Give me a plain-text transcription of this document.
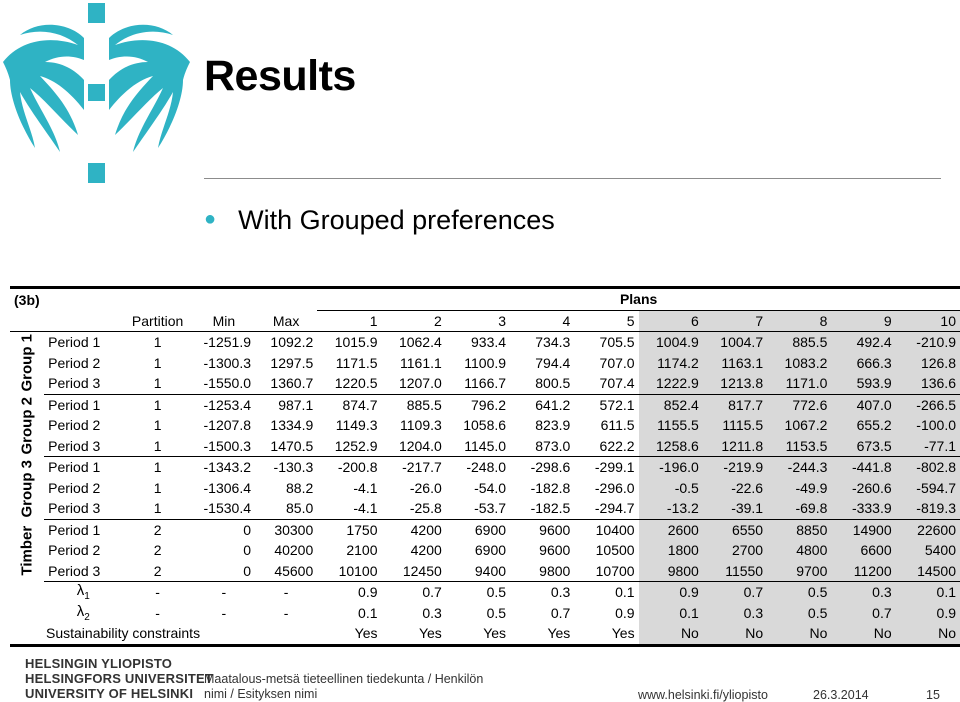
Results
● With Grouped preferences
(3b)					Plans									
		Partition	Min	Max	1	2	3	4	5	6	7	8	9	10
Group 1	Period 1	1	-1251.9	1092.2	1015.9	1062.4	933.4	734.3	705.5	1004.9	1004.7	885.5	492.4	-210.9
	Period 2	1	-1300.3	1297.5	1171.5	1161.1	1100.9	794.4	707.0	1174.2	1163.1	1083.2	666.3	126.8
	Period 3	1	-1550.0	1360.7	1220.5	1207.0	1166.7	800.5	707.4	1222.9	1213.8	1171.0	593.9	136.6
Group 2	Period 1	1	-1253.4	987.1	874.7	885.5	796.2	641.2	572.1	852.4	817.7	772.6	407.0	-266.5
	Period 2	1	-1207.8	1334.9	1149.3	1109.3	1058.6	823.9	611.5	1155.5	1115.5	1067.2	655.2	-100.0
	Period 3	1	-1500.3	1470.5	1252.9	1204.0	1145.0	873.0	622.2	1258.6	1211.8	1153.5	673.5	-77.1
Group 3	Period 1	1	-1343.2	-130.3	-200.8	-217.7	-248.0	-298.6	-299.1	-196.0	-219.9	-244.3	-441.8	-802.8
	Period 2	1	-1306.4	88.2	-4.1	-26.0	-54.0	-182.8	-296.0	-0.5	-22.6	-49.9	-260.6	-594.7
	Period 3	1	-1530.4	85.0	-4.1	-25.8	-53.7	-182.5	-294.7	-13.2	-39.1	-69.8	-333.9	-819.3
Timber	Period 1	2	0	30300	1750	4200	6900	9600	10400	2600	6550	8850	14900	22600
	Period 2	2	0	40200	2100	4200	6900	9600	10500	1800	2700	4800	6600	5400
	Period 3	2	0	45600	10100	12450	9400	9800	10700	9800	11550	9700	11200	14500
	$\lambda_1$	-	-	-	0.9	0.7	0.5	0.3	0.1	0.9	0.7	0.5	0.3	0.1
	$\lambda_2$	-	-	-	0.1	0.3	0.5	0.7	0.9	0.1	0.3	0.5	0.7	0.9
Sustainability constraints					Yes	Yes	Yes	Yes	Yes	No	No	No	No	No
HELSINGIN YLIOPISTO
HELSINGFORS UNIVERSITET
UNIVERSITY OF HELSINKI
Maatalous-metsä tieteellinen tiedekunta / Henkilön nimi / Esityksen nimi	www.helsinki.fi/yliopisto	26.3.2014	15
